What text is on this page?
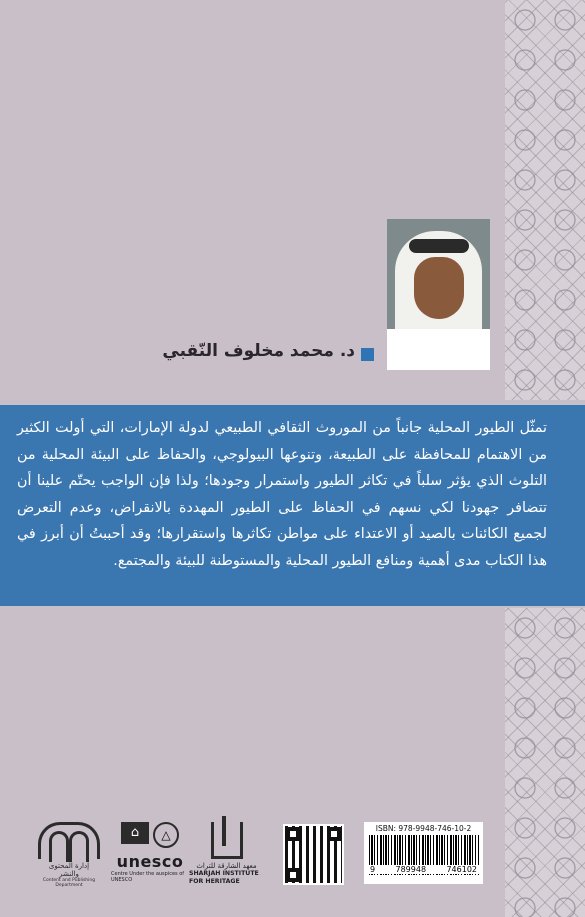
د. محمد مخلوف النّقبي
تمثّل الطيور المحلية جانباً من الموروث الثقافي الطبيعي لدولة الإمارات، التي أولت الكثير من الاهتمام للمحافظة على الطبيعة، وتنوعها البيولوجي، والحفاظ على البيئة المحلية من التلوث الذي يؤثر سلباً في تكاثر الطيور واستمرار وجودها؛ ولذا فإن الواجب يحتّم علينا أن تتضافر جهودنا لكي نسهم في الحفاظ على الطيور المهددة بالانقراض، وعدم التعرض لجميع الكائنات بالصيد أو الاعتداء على مواطن تكاثرها واستقرارها؛ وقد أحببتُ أن أبرز في هذا الكتاب مدى أهمية ومنافع الطيور المحلية والمستوطنة للبيئة والمجتمع.
إدارة المحتوى والنشر
Content and Publishing Department
⌂	△
unesco
Centre Under the auspices of UNESCO
معهد الشارقة للتراث
SHARJAH INSTITUTE FOR HERITAGE
ISBN: 978-9948-746-10-2
9	789948	746102
